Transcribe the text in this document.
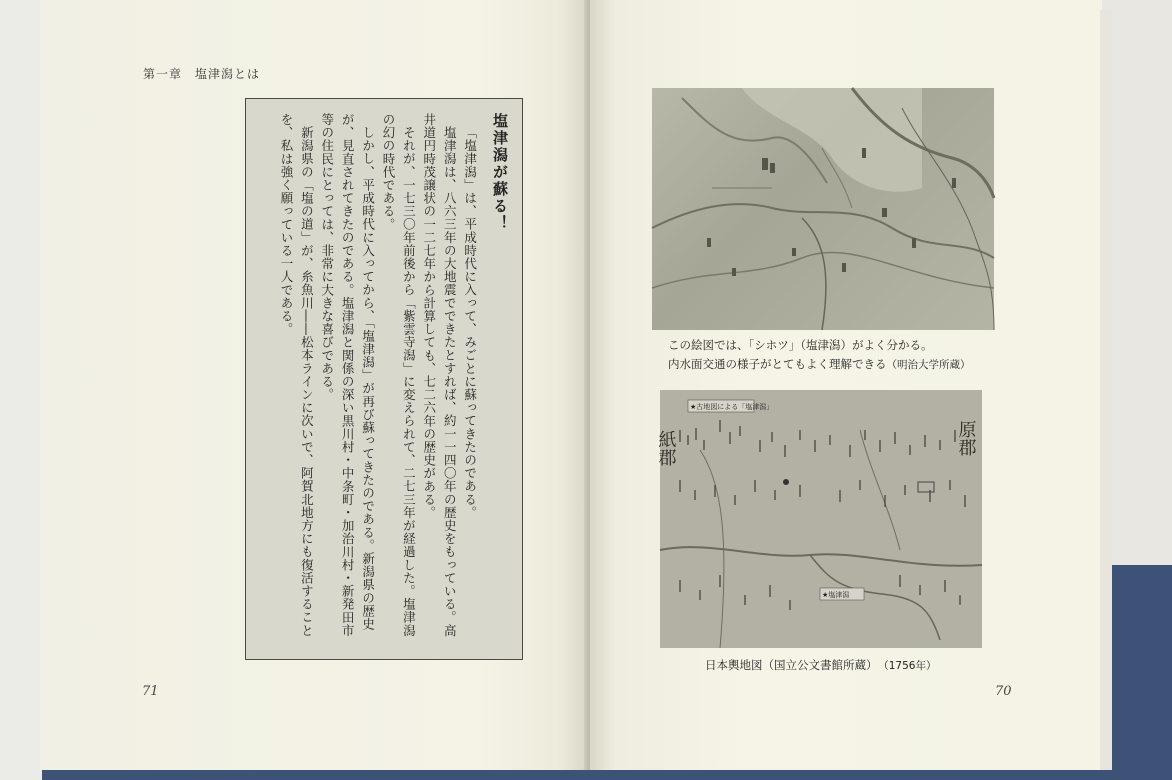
第一章　塩津潟とは
塩津潟が蘇る！

「塩津潟」は、平成時代に入って、みごとに蘇ってきたのである。

塩津潟は、八六三年の大地震でできたとすれば、約一一四〇年の歴史をもっている。高井道円時茂譲状の一二七年から計算しても、七二六年の歴史がある。

それが、一七三〇年前後から「紫雲寺潟」に変えられて、二七三年が経過した。塩津潟の幻の時代である。

しかし、平成時代に入ってから、「塩津潟」が再び蘇ってきたのである。新潟県の歴史が、見直されてきたのである。塩津潟と関係の深い黒川村・中条町・加治川村・新発田市等の住民にとっては、非常に大きな喜びである。

新潟県の「塩の道」が、糸魚川――松本ラインに次いで、阿賀北地方にも復活することを、私は強く願っている一人である。

71
この絵図では、「シホツ」（塩津潟）がよく分かる。
内水面交通の様子がとてもよく理解できる（明治大学所蔵）
★塩津潟
★古地図による「塩津潟」
紙郡	原郡
日本輿地図（国立公文書館所蔵） （1756年）
70
